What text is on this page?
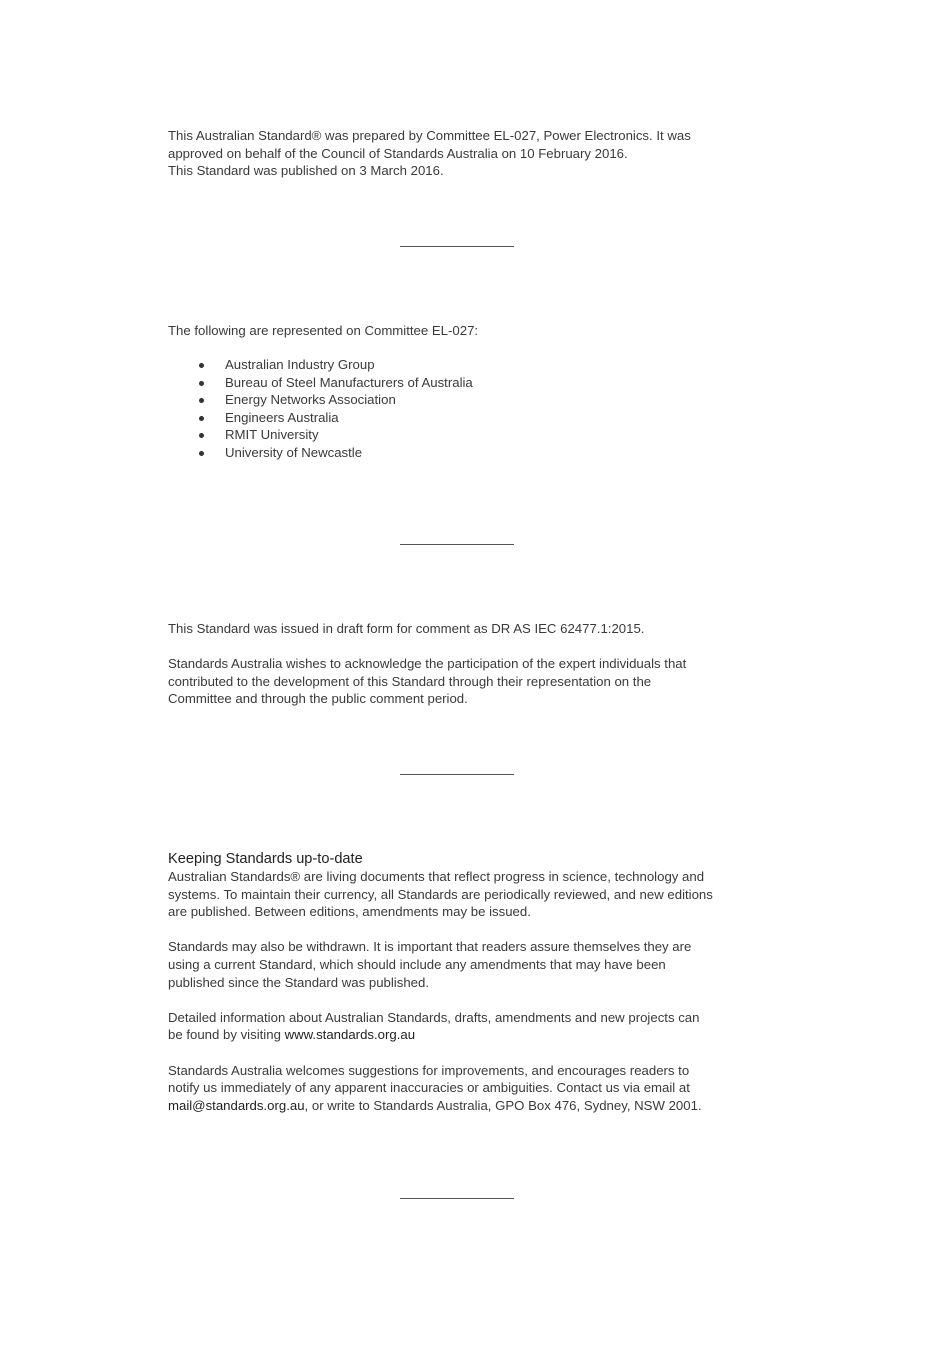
This Australian Standard® was prepared by Committee EL-027, Power Electronics. It was

approved on behalf of the Council of Standards Australia on 10 February 2016.

This Standard was published on 3 March 2016.

The following are represented on Committee EL-027:

Australian Industry Group
Bureau of Steel Manufacturers of Australia
Energy Networks Association
Engineers Australia
RMIT University
University of Newcastle

This Standard was issued in draft form for comment as DR AS IEC 62477.1:2015.

Standards Australia wishes to acknowledge the participation of the expert individuals that

contributed to the development of this Standard through their representation on the

Committee and through the public comment period.

Keeping Standards up-to-date

Australian Standards® are living documents that reflect progress in science, technology and

systems. To maintain their currency, all Standards are periodically reviewed, and new editions

are published. Between editions, amendments may be issued.

Standards may also be withdrawn. It is important that readers assure themselves they are

using a current Standard, which should include any amendments that may have been

published since the Standard was published.

Detailed information about Australian Standards, drafts, amendments and new projects can

be found by visiting www.standards.org.au

Standards Australia welcomes suggestions for improvements, and encourages readers to

notify us immediately of any apparent inaccuracies or ambiguities. Contact us via email at

mail@standards.org.au, or write to Standards Australia, GPO Box 476, Sydney, NSW 2001.
